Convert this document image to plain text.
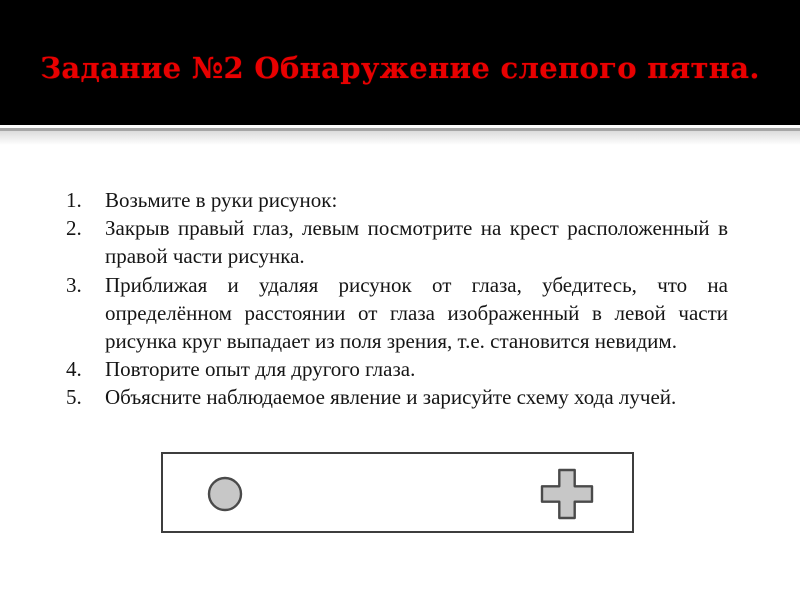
Задание №2 Обнаружение слепого пятна.
1.	Возьмите в руки рисунок:
2.	Закрыв правый глаз, левым посмотрите на крест расположенный в правой части рисунка.
3.	Приближая и удаляя рисунок от глаза, убедитесь, что на определённом расстоянии от глаза изображенный в левой части рисунка круг выпадает из поля зрения, т.е. становится невидим.
4.	Повторите опыт для другого глаза.
5.	Объясните наблюдаемое явление и зарисуйте схему хода лучей.
